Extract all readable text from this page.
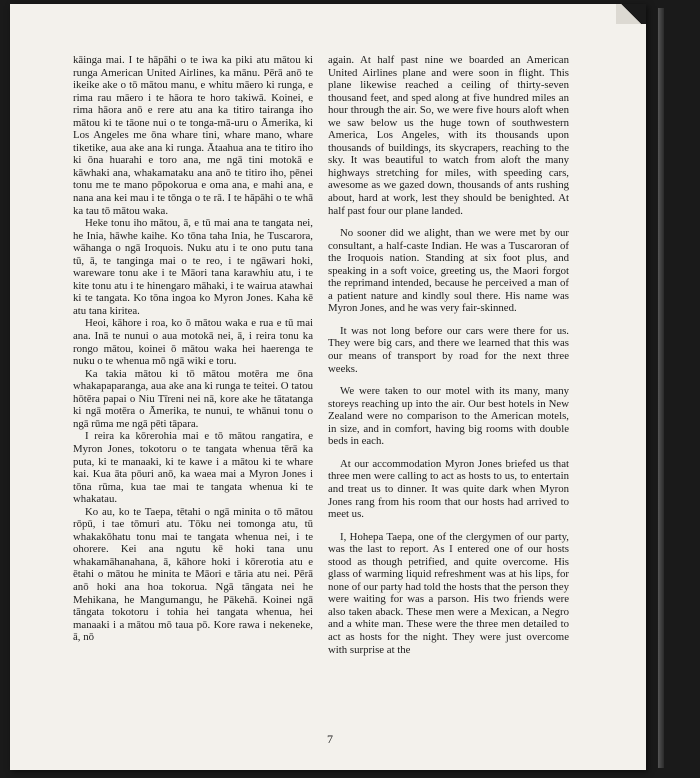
kāinga mai. I te hāpāhi o te iwa ka piki atu mātou ki runga American United Airlines, ka mānu. Pērā anō te ikeike ake o tō mātou manu, e whitu māero ki runga, e rima rau māero i te hāora te horo takiwā. Koinei, e rima hāora anō e rere atu ana ka titiro tairanga iho mātou ki te tāone nui o te tonga-mā-uru o Āmerika, ki Los Angeles me ōna whare tini, whare mano, whare tiketike, aua ake ana ki runga. Ātaahua ana te titiro iho ki ōna huarahi e toro ana, me ngā tini motokā e kāwhaki ana, whakamataku ana anō te titiro iho, pēnei tonu me te mano pōpokorua e oma ana, e mahi ana, e nana ana kei mau i te tōnga o te rā. I te hāpāhi o te whā ka tau tō mātou waka.

Heke tonu iho mātou, ā, e tū mai ana te tangata nei, he Inia, hāwhe kaihe. Ko tōna taha Inia, he Tuscarora, wāhanga o ngā Iroquois. Nuku atu i te ono putu tana tū, ā, te tanginga mai o te reo, i te ngāwari hoki, wareware tonu ake i te Māori tana karawhiu atu, i te kite tonu atu i te hinengaro māhaki, i te wairua atawhai ki te tangata. Ko tōna ingoa ko Myron Jones. Kaha kē atu tana kiritea.

Heoi, kāhore i roa, ko ō mātou waka e rua e tū mai ana. Inā te nunui o aua motokā nei, ā, i reira tonu ka rongo mātou, koinei ō mātou waka hei haerenga te nuku o te whenua mō ngā wiki e toru.

Ka takia mātou ki tō mātou motēra me ōna whakapaparanga, aua ake ana ki runga te teitei. O tatou hōtēra papai o Niu Tīreni nei nā, kore ake he tātatanga ki ngā motēra o Āmerika, te nunui, te whānui tonu o ngā rūma me ngā pēti tāpara.

I reira ka kōrerohia mai e tō mātou rangatira, e Myron Jones, tokotoru o te tangata whenua tērā ka puta, ki te manaaki, ki te kawe i a mātou ki te whare kai. Kua āta pōuri anō, ka waea mai a Myron Jones i tōna rūma, kua tae mai te tangata whenua ki te whakatau.

Ko au, ko te Taepa, tētahi o ngā minita o tō mātou rōpū, i tae tōmuri atu. Tōku nei tomonga atu, tū whakakōhatu tonu mai te tangata whenua nei, i te ohorere. Kei ana ngutu kē hoki tana unu whakamāhanahana, ā, kāhore hoki i kōrerotia atu e ētahi o mātou he minita te Māori e tāria atu nei. Pērā anō hoki ana hoa tokorua. Ngā tāngata nei he Mehikana, he Mangumangu, he Pākehā. Koinei ngā tāngata tokotoru i tohia hei tangata whenua, hei manaaki i a mātou mō taua pō. Kore rawa i nekeneke, ā, nō

again. At half past nine we boarded an American United Airlines plane and were soon in flight. This plane likewise reached a ceiling of thirty-seven thousand feet, and sped along at five hundred miles an hour through the air. So, we were five hours aloft when we saw below us the huge town of southwestern America, Los Angeles, with its thousands upon thousands of buildings, its skycrapers, reaching to the sky. It was beautiful to watch from aloft the many highways stretching for miles, with speeding cars, awesome as we gazed down, thousands of ants rushing about, hard at work, lest they should be benighted. At half past four our plane landed.

No sooner did we alight, than we were met by our consultant, a half-caste Indian. He was a Tuscaroran of the Iroquois nation. Standing at six foot plus, and speaking in a soft voice, greeting us, the Maori forgot the reprimand intended, because he perceived a man of a patient nature and kindly soul there. His name was Myron Jones, and he was very fair-skinned.

It was not long before our cars were there for us. They were big cars, and there we learned that this was our means of transport by road for the next three weeks.

We were taken to our motel with its many, many storeys reaching up into the air. Our best hotels in New Zealand were no comparison to the American motels, in size, and in comfort, having big rooms with double beds in each.

At our accommodation Myron Jones briefed us that three men were calling to act as hosts to us, to entertain and treat us to dinner. It was quite dark when Myron Jones rang from his room that our hosts had arrived to meet us.

I, Hohepa Taepa, one of the clergymen of our party, was the last to report. As I entered one of our hosts stood as though petrified, and quite overcome. His glass of warming liquid refreshment was at his lips, for none of our party had told the hosts that the person they were waiting for was a parson. His two friends were also taken aback. These men were a Mexican, a Negro and a white man. These were the three men detailed to act as hosts for the night. They were just overcome with surprise at the

7
